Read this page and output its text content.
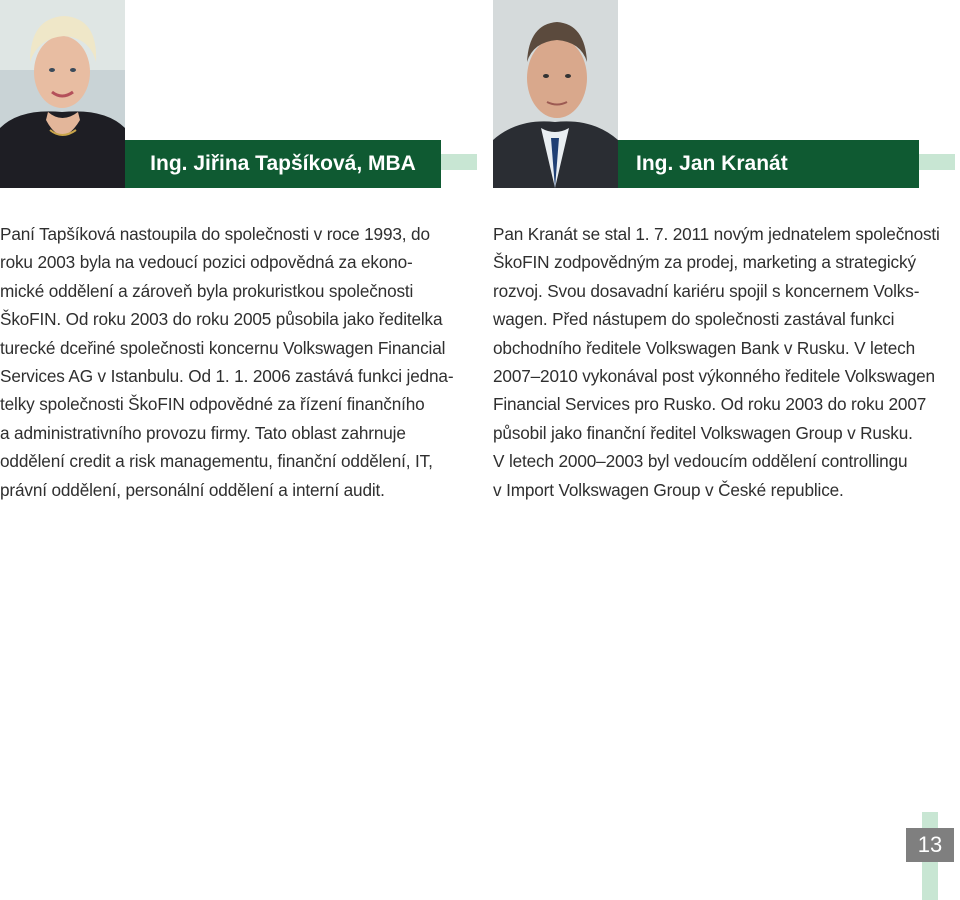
Ing. Jiřina Tapšíková, MBA

Paní Tapšíková nastoupila do společnosti v roce 1993, do
roku 2003 byla na vedoucí pozici odpovědná za ekono-
mické oddělení a zároveň byla prokuristkou společnosti
ŠkoFIN. Od roku 2003 do roku 2005 působila jako ředitelka
turecké dceřiné společnosti koncernu Volkswagen Financial
Services AG v Istanbulu. Od 1. 1. 2006 zastává funkci jedna-
telky společnosti ŠkoFIN odpovědné za řízení finančního
a administrativního provozu firmy. Tato oblast zahrnuje
oddělení credit a risk managementu, finanční oddělení, IT,
právní oddělení, personální oddělení a interní audit.

Ing. Jan Kranát

Pan Kranát se stal 1. 7. 2011 novým jednatelem společnosti
ŠkoFIN zodpovědným za prodej, marketing a strategický
rozvoj. Svou dosavadní kariéru spojil s koncernem Volks-
wagen. Před nástupem do společnosti zastával funkci
obchodního ředitele Volkswagen Bank v Rusku. V letech
2007–2010 vykonával post výkonného ředitele Volkswagen
Financial Services pro Rusko. Od roku 2003 do roku 2007
působil jako finanční ředitel Volkswagen Group v Rusku.
V letech 2000–2003 byl vedoucím oddělení controllingu
v Import Volkswagen Group v České republice.

13
